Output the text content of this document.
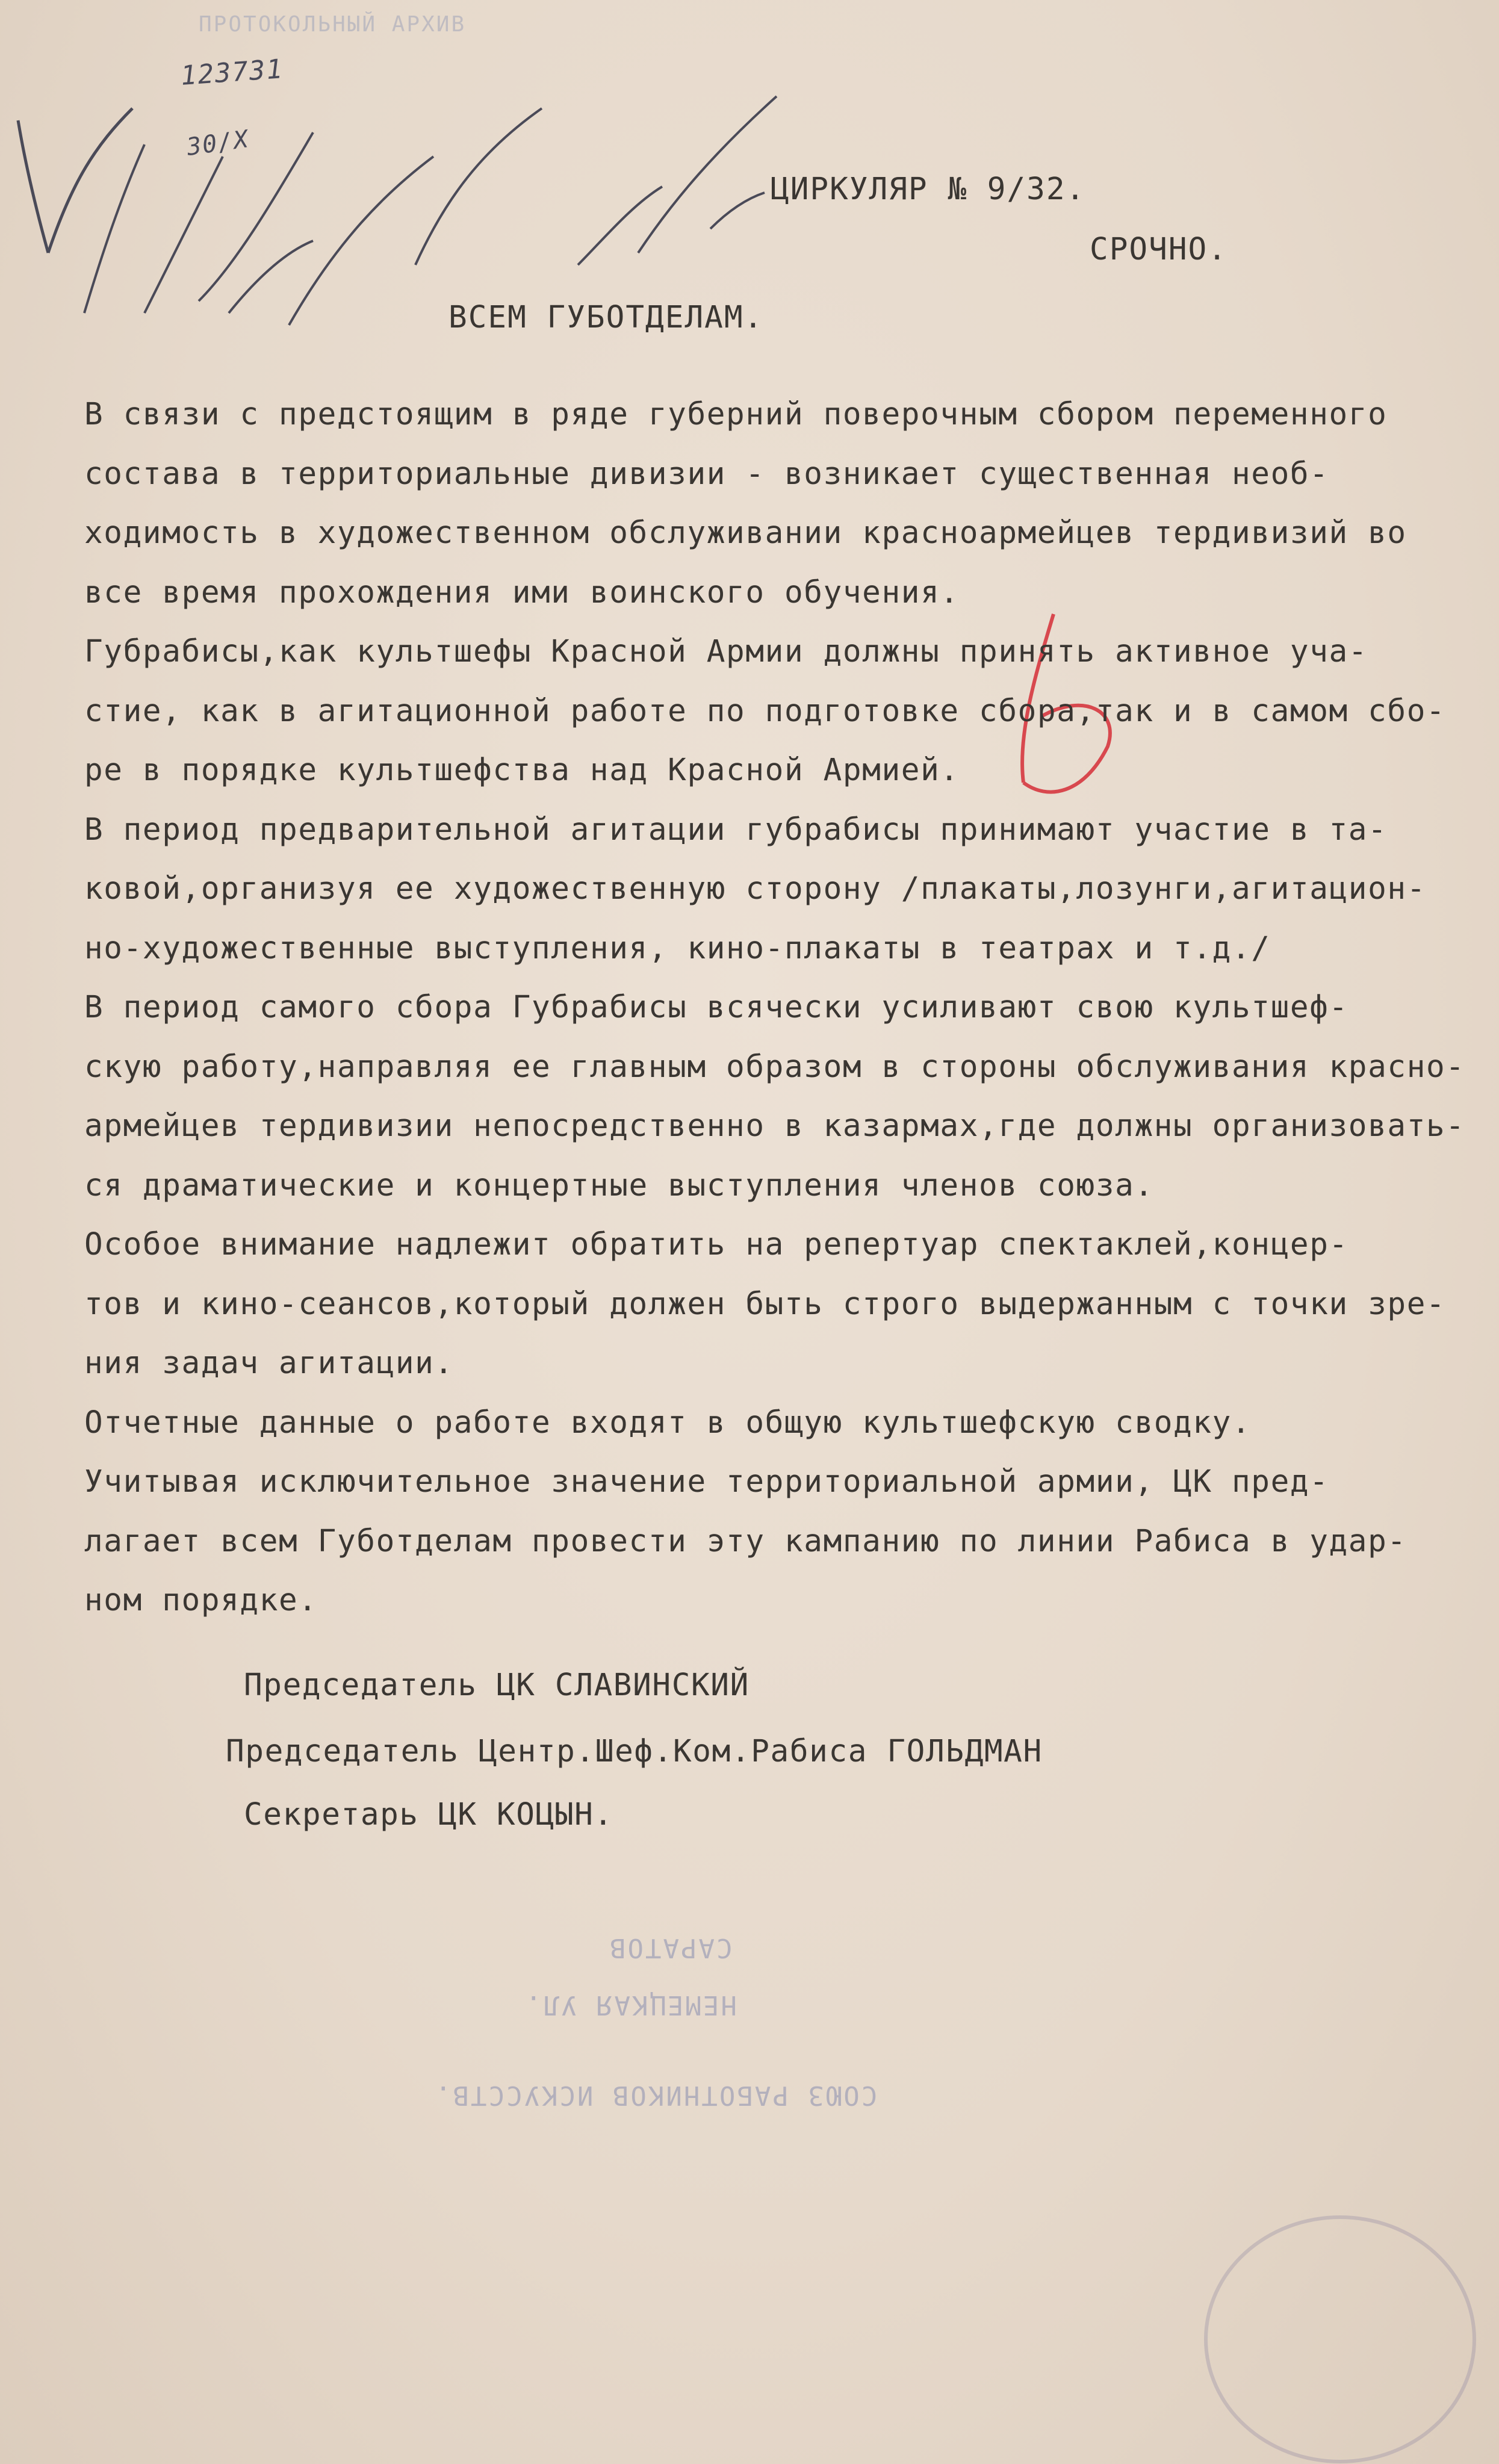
ПРОТОКОЛЬНЫЙ АРХИВ
123731
30/X
ЦИРКУЛЯР № 9/32.
СРОЧНО.
ВСЕМ ГУБОТДЕЛАМ.
В связи с предстоящим в ряде губерний поверочным сбором переменного
состава в территориальные дивизии - возникает существенная необ-
ходимость в художественном обслуживании красноармейцев тердивизий во
все время прохождения ими воинского обучения.
Губрабисы,как культшефы Красной Армии должны принять активное уча-
стие, как в агитационной работе по подготовке сбора,так и в самом сбо-
ре в порядке культшефства над Красной Армией.
В период предварительной агитации губрабисы принимают участие в та-
ковой,организуя ее художественную сторону /плакаты,лозунги,агитацион-
но-художественные выступления, кино-плакаты в театрах и т.д./
В период самого сбора Губрабисы всячески усиливают свою культшеф-
скую работу,направляя ее главным образом в стороны обслуживания красно-
армейцев тердивизии непосредственно в казармах,где должны организовать-
ся драматические и концертные выступления членов союза.
Особое внимание надлежит обратить на репертуар спектаклей,концер-
тов и кино-сеансов,который должен быть строго выдержанным с точки зре-
ния задач агитации.
Отчетные данные о работе входят в общую культшефскую сводку.
Учитывая исключительное значение территориальной армии, ЦК пред-
лагает всем Губотделам провести эту кампанию по линии Рабиса в удар-
ном порядке.
Председатель ЦК СЛАВИНСКИЙ
Председатель Центр.Шеф.Ком.Рабиса ГОЛЬДМАН
Секретарь ЦК КОЦЫН.
САРАТОВ
НЕМЕЦКАЯ УЛ.
СОЮЗ РАБОТНИКОВ ИСКУССТВ.
